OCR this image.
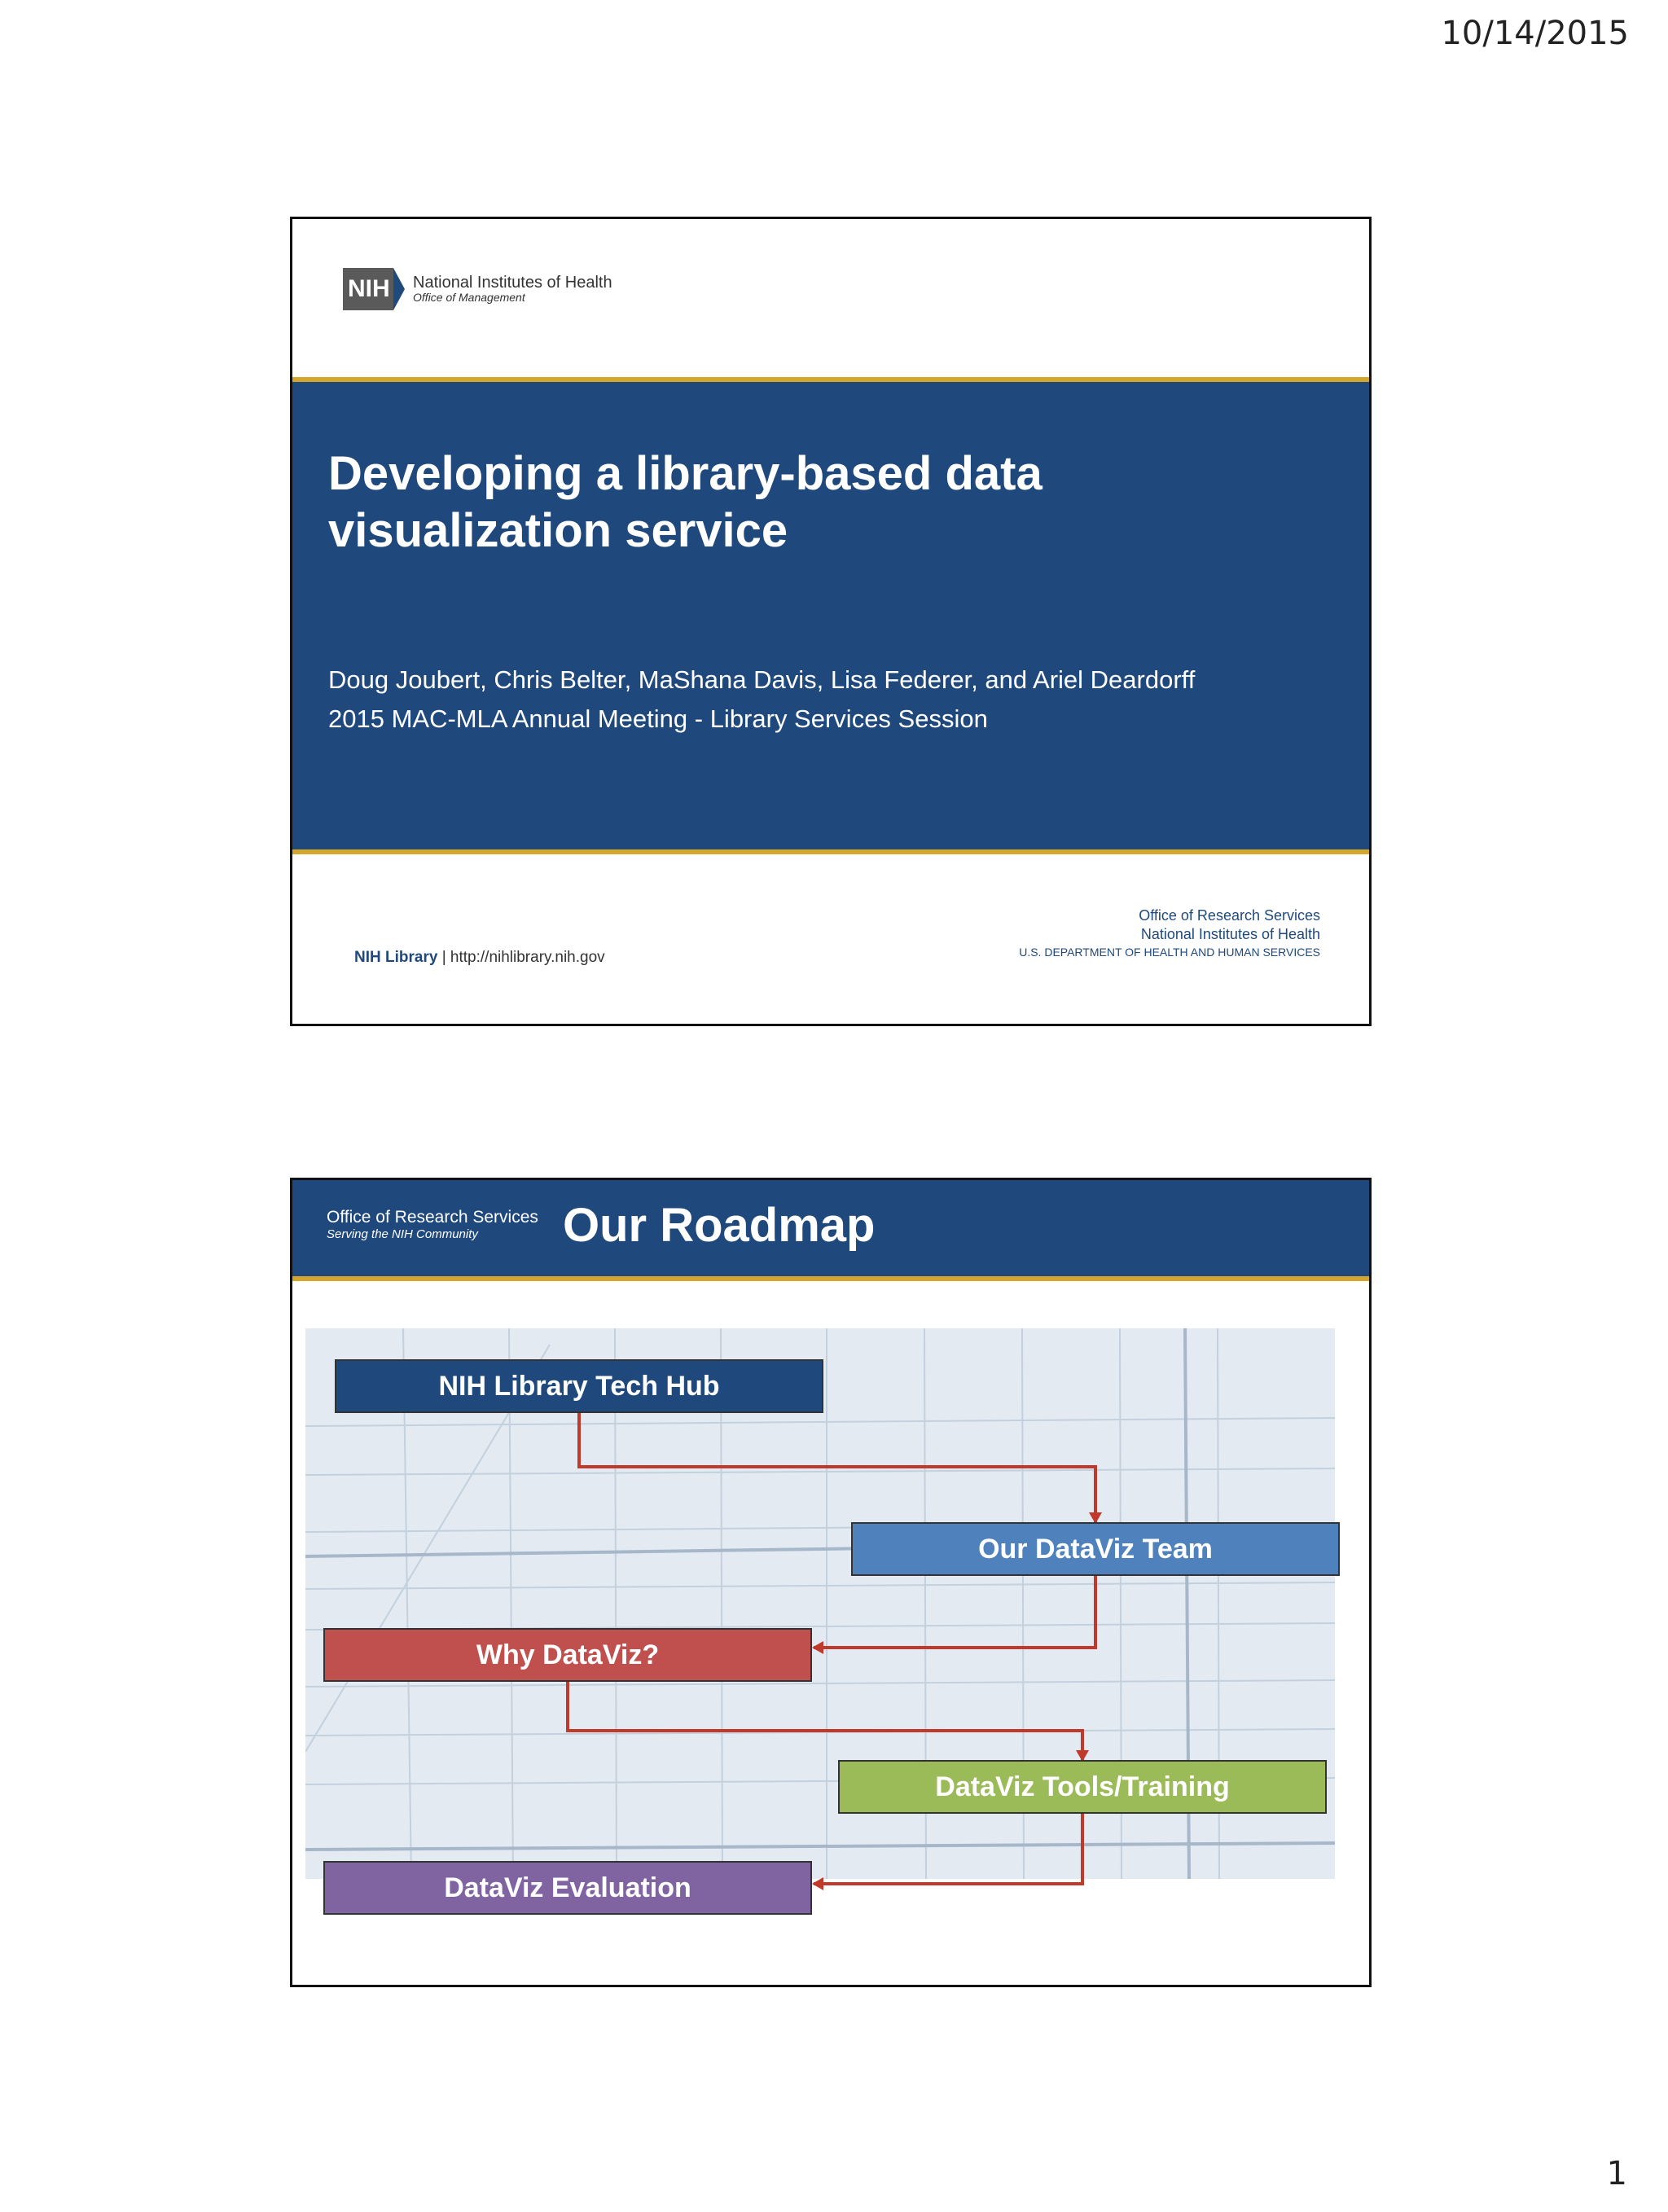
10/14/2015
NIH National Institutes of Health
Office of Management
Developing a library-based data visualization service
Doug Joubert, Chris Belter, MaShana Davis, Lisa Federer, and Ariel Deardorff
2015 MAC-MLA Annual Meeting - Library Services Session
NIH Library | http://nihlibrary.nih.gov
Office of Research Services
National Institutes of Health
U.S. DEPARTMENT OF HEALTH AND HUMAN SERVICES
Office of Research Services
Serving the NIH Community Our Roadmap
NIH Library Tech Hub
Our DataViz Team
Why DataViz?
DataViz Tools/Training
DataViz Evaluation
1
